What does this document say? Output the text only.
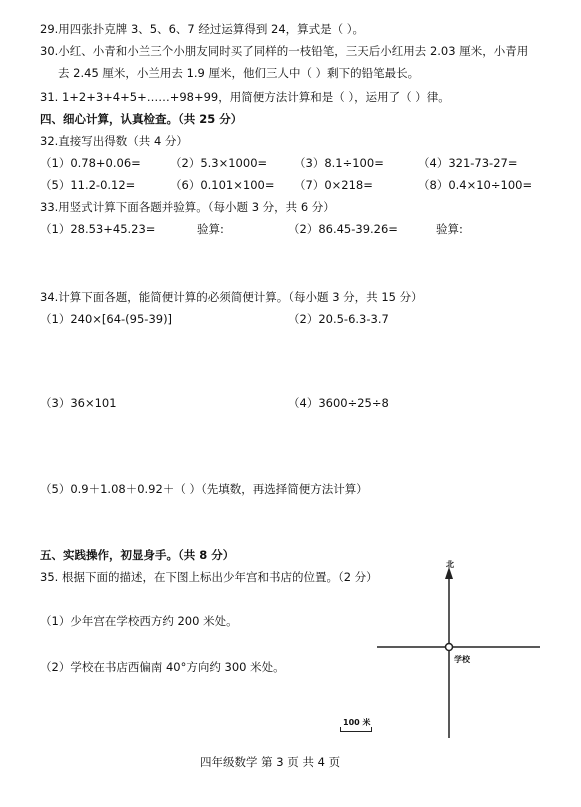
29.用四张扑克牌 3、5、6、7 经过运算得到 24，算式是（ ）。
30.小红、小青和小兰三个小朋友同时买了同样的一枝铅笔，三天后小红用去 2.03 厘米，小青用
去 2.45 厘米，小兰用去 1.9 厘米，他们三人中（ ）剩下的铅笔最长。
31. 1+2+3+4+5+……+98+99，用简便方法计算和是（ ），运用了（ ）律。
四、细心计算，认真检查。（共 25 分）
32.直接写出得数（共 4 分）
（1）0.78+0.06=	（2）5.3×1000= （3）8.1÷100=	（4）321-73-27=
（5）11.2-0.12=	（6）0.101×100= （7）0×218=	（8）0.4×10÷100=
33.用竖式计算下面各题并验算。（每小题 3 分，共 6 分）
（1）28.53+45.23=	验算:	（2）86.45-39.26=	验算:
34.计算下面各题，能简便计算的必须简便计算。（每小题 3 分，共 15 分）
（1）240×[64-(95-39)]	（2）20.5-6.3-3.7
（3）36×101	（4）3600÷25÷8
（5）0.9＋1.08＋0.92＋（ ）（先填数，再选择简便方法计算）
五、实践操作，初显身手。（共 8 分）
35. 根据下面的描述，在下图上标出少年宫和书店的位置。（2 分）
（1）少年宫在学校西方约 200 米处。
（2）学校在书店西偏南 40°方向约 300 米处。
北
学校
100 米
四年级数学 第 3 页 共 4 页
